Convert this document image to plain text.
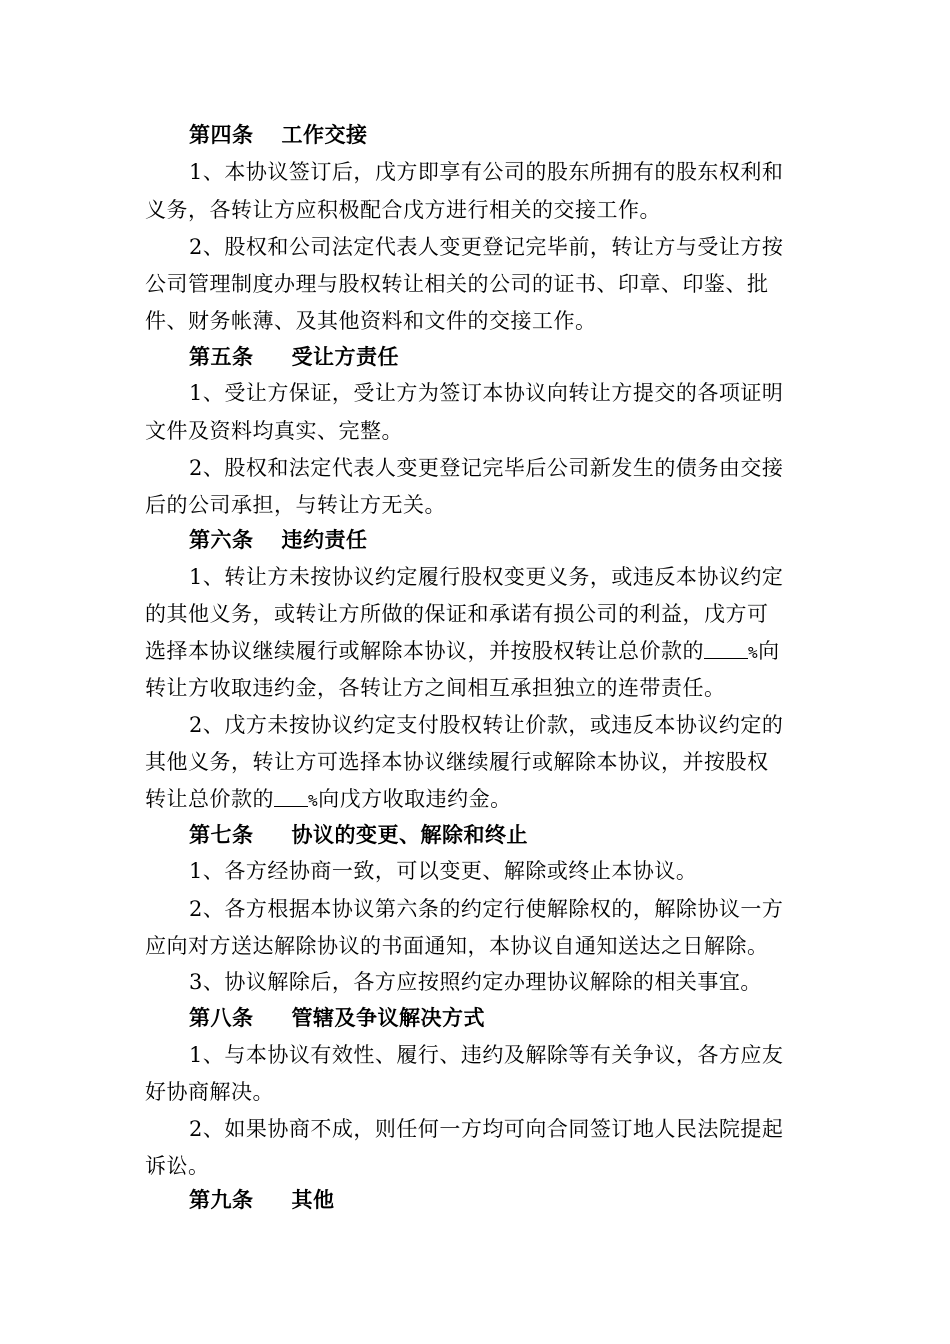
第四条 工作交接
1、本协议签订后，戊方即享有公司的股东所拥有的股东权利和
义务，各转让方应积极配合戊方进行相关的交接工作。
2、股权和公司法定代表人变更登记完毕前，转让方与受让方按
公司管理制度办理与股权转让相关的公司的证书、印章、印鉴、批
件、财务帐薄、及其他资料和文件的交接工作。
第五条 受让方责任
1、受让方保证，受让方为签订本协议向转让方提交的各项证明
文件及资料均真实、完整。
2、股权和法定代表人变更登记完毕后公司新发生的债务由交接
后的公司承担，与转让方无关。
第六条 违约责任
1、转让方未按协议约定履行股权变更义务，或违反本协议约定
的其他义务，或转让方所做的保证和承诺有损公司的利益，戊方可
选择本协议继续履行或解除本协议，并按股权转让总价款的	%向
转让方收取违约金，各转让方之间相互承担独立的连带责任。
2、戊方未按协议约定支付股权转让价款，或违反本协议约定的
其他义务，转让方可选择本协议继续履行或解除本协议，并按股权
转让总价款的 %向戊方收取违约金。
第七条 协议的变更、解除和终止
1、各方经协商一致，可以变更、解除或终止本协议。
2、各方根据本协议第六条的约定行使解除权的，解除协议一方
应向对方送达解除协议的书面通知，本协议自通知送达之日解除。
3、协议解除后，各方应按照约定办理协议解除的相关事宜。
第八条 管辖及争议解决方式
1、与本协议有效性、履行、违约及解除等有关争议，各方应友
好协商解决。
2、如果协商不成，则任何一方均可向合同签订地人民法院提起
诉讼。
第九条 其他
